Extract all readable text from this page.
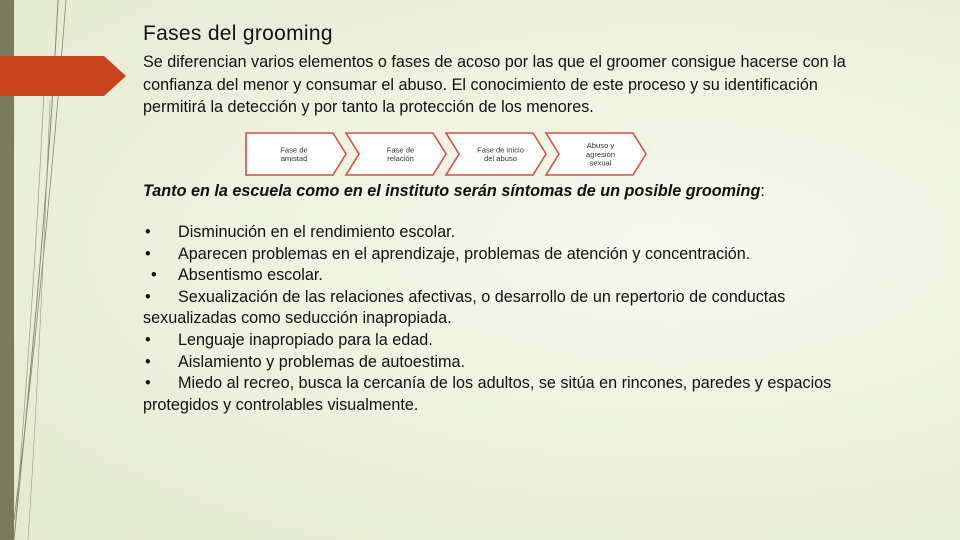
Fases del grooming
Se diferencian varios elementos o fases de acoso por las que el groomer consigue hacerse con la confianza del menor y consumar el abuso. El conocimiento de este proceso y su identificación permitirá la detección y por tanto la protección de los menores.
Fase de
amistad
Fase de
relación
Fase de inicio
del abuso
Abuso y
agresión
sexual
Tanto en la escuela como en el instituto serán síntomas de un posible grooming:
•	Disminución en el rendimiento escolar.
•	Aparecen problemas en el aprendizaje, problemas de atención y concentración.
•	Absentismo escolar.
•	Sexualización de las relaciones afectivas, o desarrollo de un repertorio de conductas sexualizadas como seducción inapropiada.
•	Lenguaje inapropiado para la edad.
•	Aislamiento y problemas de autoestima.
•	Miedo al recreo, busca la cercanía de los adultos, se sitúa en rincones, paredes y espacios protegidos y controlables visualmente.
